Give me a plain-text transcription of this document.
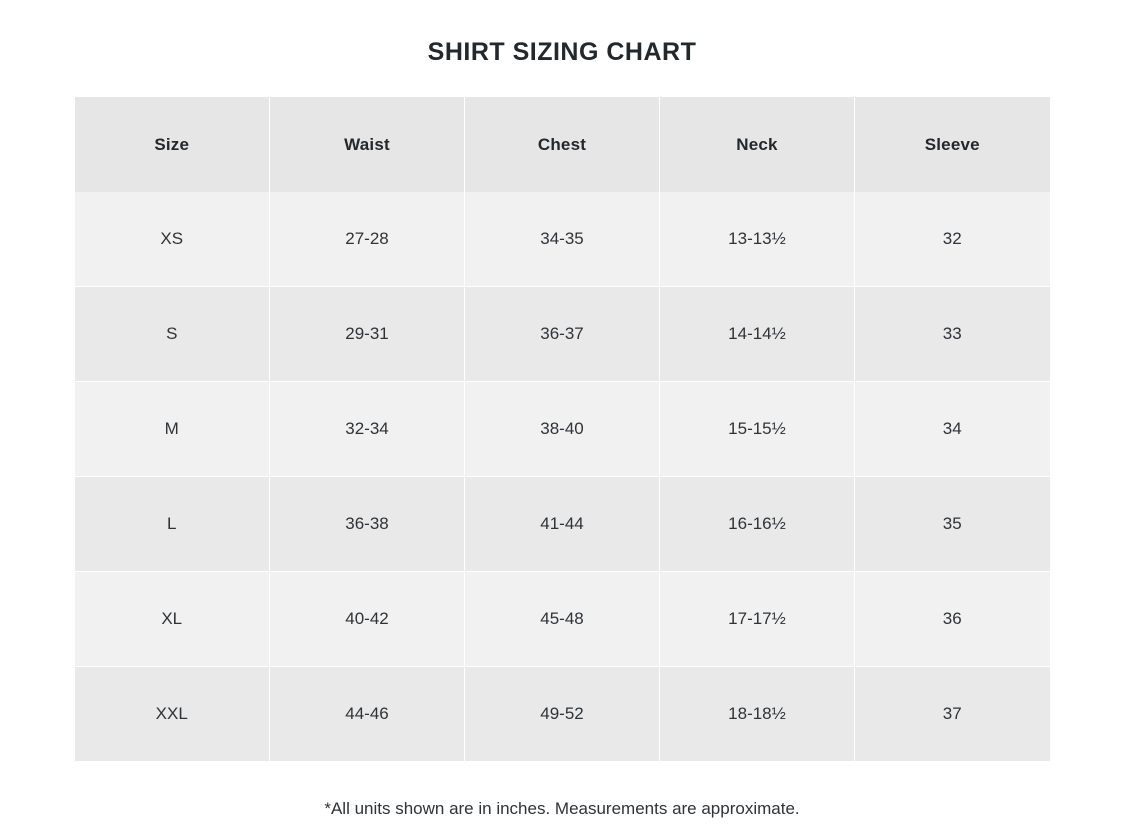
SHIRT SIZING CHART
Size	Waist	Chest	Neck	Sleeve
XS	27-28	34-35	13-13½	32
S	29-31	36-37	14-14½	33
M	32-34	38-40	15-15½	34
L	36-38	41-44	16-16½	35
XL	40-42	45-48	17-17½	36
XXL	44-46	49-52	18-18½	37
*All units shown are in inches. Measurements are approximate.
